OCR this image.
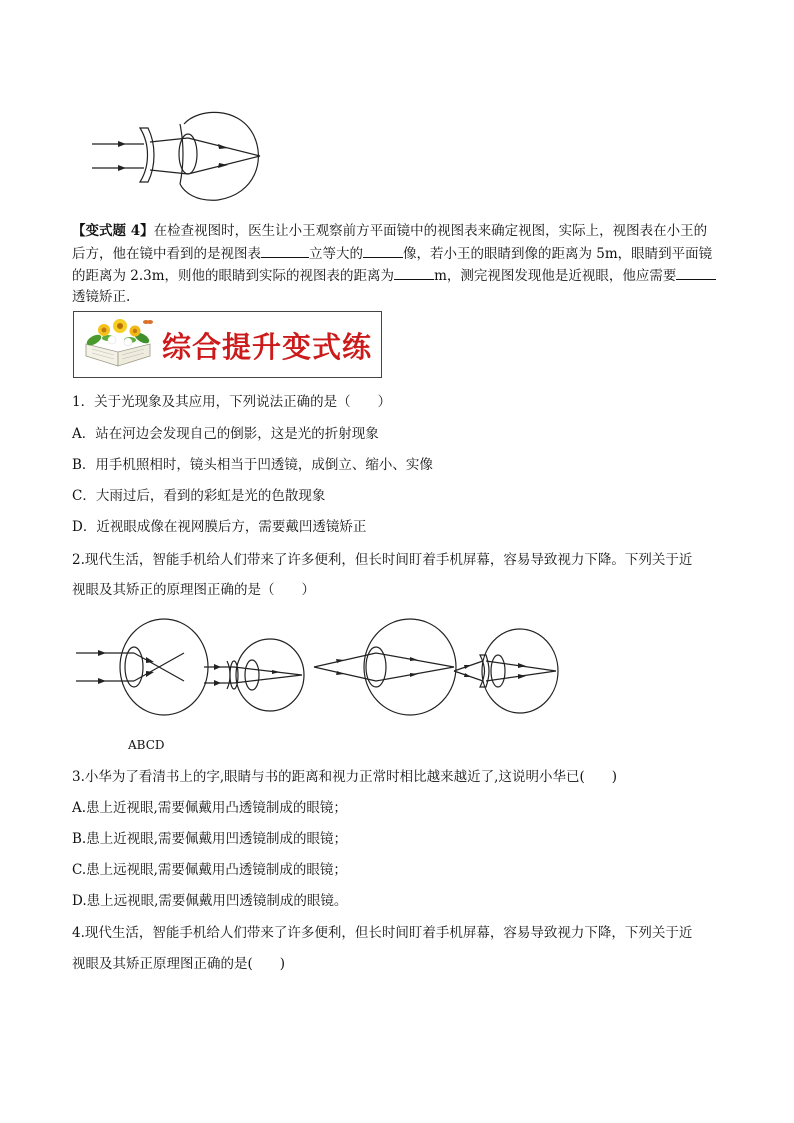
【变式题 4】在检查视图时，医生让小王观察前方平面镜中的视图表来确定视图，实际上，视图表在小王的
后方，他在镜中看到的是视图表	立等大的	像，若小王的眼睛到像的距离为 5m，眼睛到平面镜
的距离为 2.3m，则他的眼睛到实际的视图表的距离为	m，测完视图发现他是近视眼，他应需要
透镜矫正.
综合提升变式练
1．关于光现象及其应用，下列说法正确的是（　　）
A．站在河边会发现自己的倒影，这是光的折射现象
B．用手机照相时，镜头相当于凹透镜，成倒立、缩小、实像
C．大雨过后，看到的彩虹是光的色散现象
D．近视眼成像在视网膜后方，需要戴凹透镜矫正
2.现代生活，智能手机给人们带来了许多便利，但长时间盯着手机屏幕，容易导致视力下降。下列关于近
视眼及其矫正的原理图正确的是（　　）
ABCD
3.小华为了看清书上的字,眼睛与书的距离和视力正常时相比越来越近了,这说明小华已(　　)
A.患上近视眼,需要佩戴用凸透镜制成的眼镜；
B.患上近视眼,需要佩戴用凹透镜制成的眼镜；
C.患上远视眼,需要佩戴用凸透镜制成的眼镜；
D.患上远视眼,需要佩戴用凹透镜制成的眼镜。
4.现代生活，智能手机给人们带来了许多便利，但长时间盯着手机屏幕，容易导致视力下降，下列关于近
视眼及其矫正原理图正确的是(　　)
